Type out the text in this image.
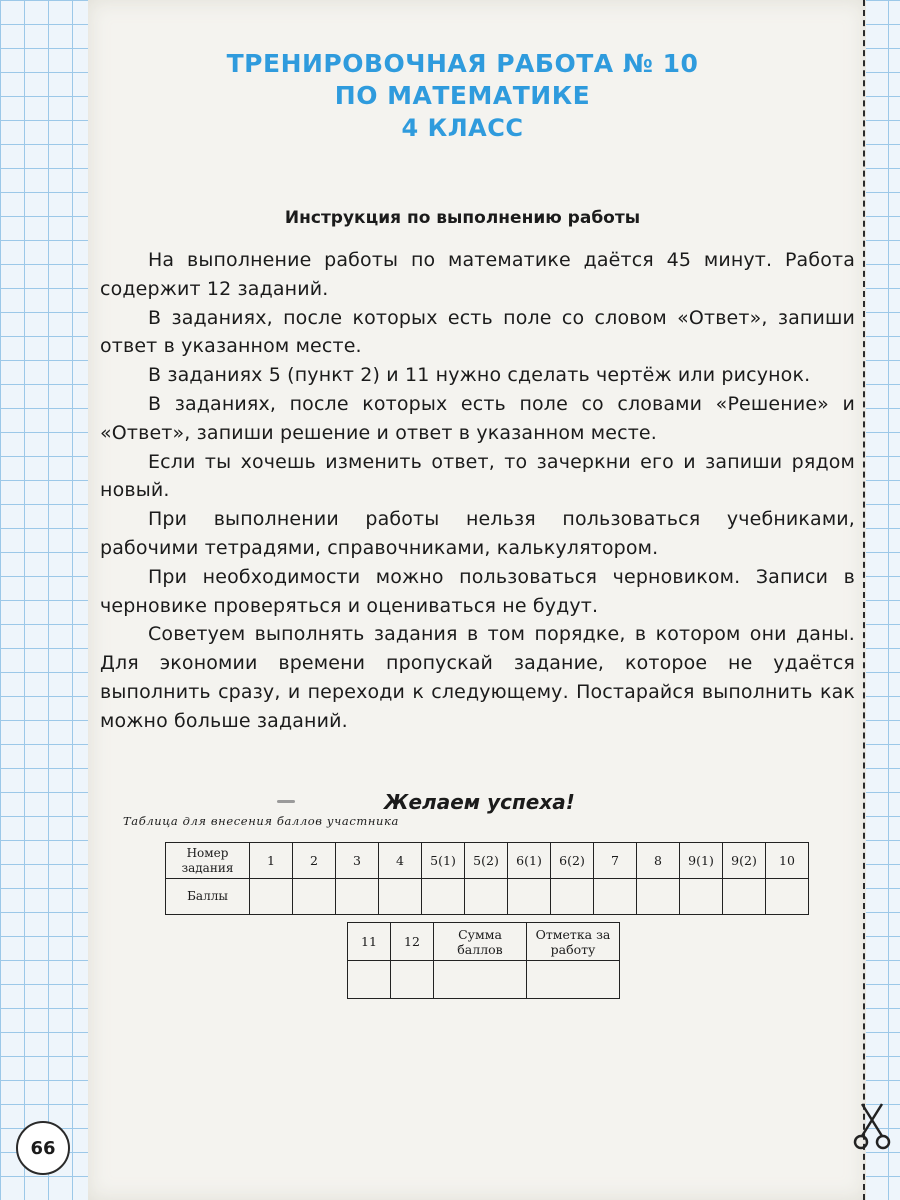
ТРЕНИРОВОЧНАЯ РАБОТА № 10
ПО МАТЕМАТИКЕ
4 КЛАСС
Инструкция по выполнению работы

На выполнение работы по математике даётся 45 минут. Работа содержит 12 заданий.

В заданиях, после которых есть поле со словом «Ответ», запиши ответ в указанном месте.

В заданиях 5 (пункт 2) и 11 нужно сделать чертёж или рисунок.

В заданиях, после которых есть поле со словами «Решение» и «Ответ», запиши решение и ответ в указанном месте.

Если ты хочешь изменить ответ, то зачеркни его и запиши рядом новый.

При выполнении работы нельзя пользоваться учебниками, рабочими тетрадями, справочниками, калькулятором.

При необходимости можно пользоваться черновиком. Записи в черновике проверяться и оцениваться не будут.

Советуем выполнять задания в том порядке, в котором они даны. Для экономии времени пропускай задание, которое не удаётся выполнить сразу, и переходи к следующему. Постарайся выполнить как можно больше заданий.

Желаем успеха!
Таблица для внесения баллов участника
Номер задания	1	2	3	4	5(1)	5(2)	6(1)	6(2)	7	8	9(1)	9(2)	10
Баллы													
11	12	Сумма баллов	Отметка за работу

66
